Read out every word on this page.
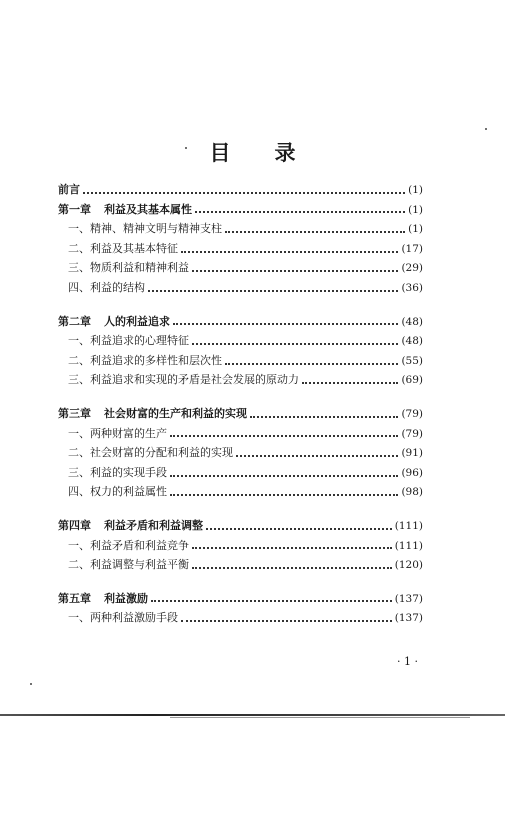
目 录
前言	(1)
第一章 利益及其基本属性	(1)
一、精神、精神文明与精神支柱	(1)
二、利益及其基本特征	(17)
三、物质利益和精神利益	(29)
四、利益的结构	(36)
第二章 人的利益追求	(48)
一、利益追求的心理特征	(48)
二、利益追求的多样性和层次性	(55)
三、利益追求和实现的矛盾是社会发展的原动力	(69)
第三章 社会财富的生产和利益的实现	(79)
一、两种财富的生产	(79)
二、社会财富的分配和利益的实现	(91)
三、利益的实现手段	(96)
四、权力的利益属性	(98)
第四章 利益矛盾和利益调整	(111)
一、利益矛盾和利益竞争	(111)
二、利益调整与利益平衡	(120)
第五章 利益激励	(137)
一、两种利益激励手段	(137)
· 1 ·
